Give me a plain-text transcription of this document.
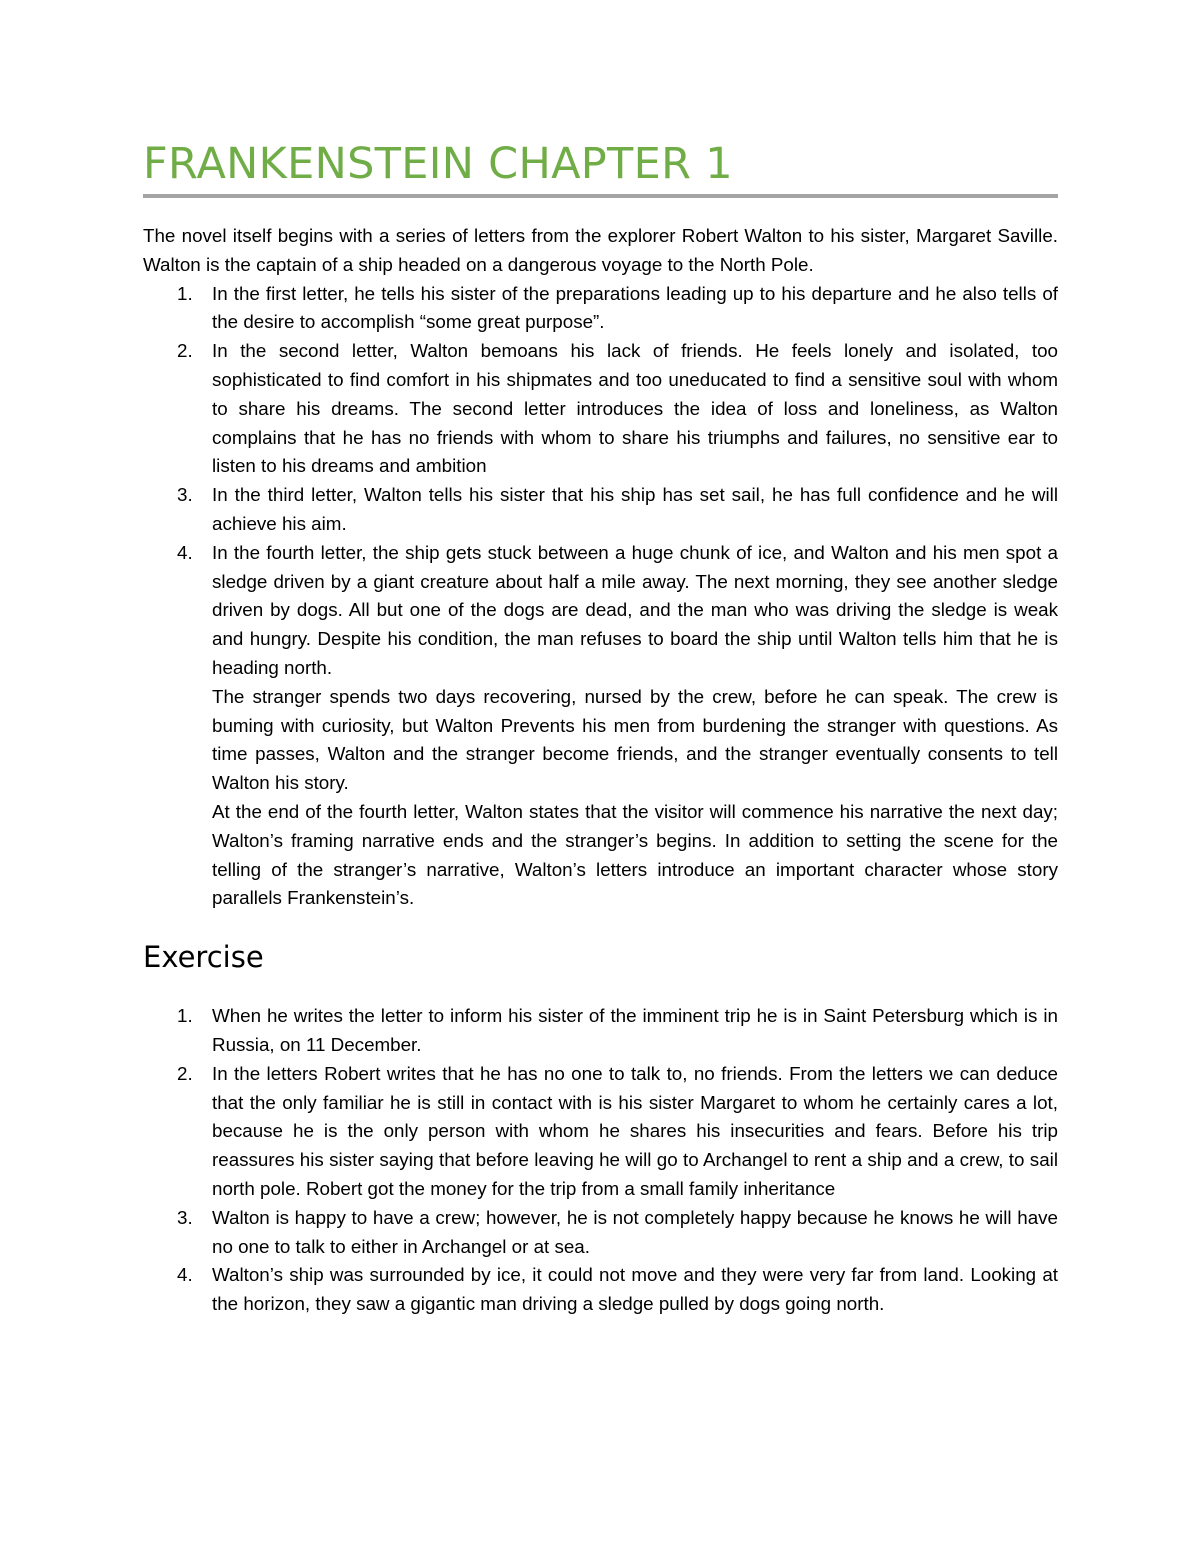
FRANKENSTEIN CHAPTER 1

The novel itself begins with a series of letters from the explorer Robert Walton to his sister, Margaret Saville. Walton is the captain of a ship headed on a dangerous voyage to the North Pole.

1. In the first letter, he tells his sister of the preparations leading up to his departure and he also tells of the desire to accomplish “some great purpose”.
2. In the second letter, Walton bemoans his lack of friends. He feels lonely and isolated, too sophisticated to find comfort in his shipmates and too uneducated to find a sensitive soul with whom to share his dreams. The second letter introduces the idea of loss and loneliness, as Walton complains that he has no friends with whom to share his triumphs and failures, no sensitive ear to listen to his dreams and ambition
3. In the third letter, Walton tells his sister that his ship has set sail, he has full confidence and he will achieve his aim.
4. In the fourth letter, the ship gets stuck between a huge chunk of ice, and Walton and his men spot a sledge driven by a giant creature about half a mile away. The next morning, they see another sledge driven by dogs. All but one of the dogs are dead, and the man who was driving the sledge is weak and hungry. Despite his condition, the man refuses to board the ship until Walton tells him that he is heading north.
The stranger spends two days recovering, nursed by the crew, before he can speak. The crew is buming with curiosity, but Walton Prevents his men from burdening the stranger with questions. As time passes, Walton and the stranger become friends, and the stranger eventually consents to tell Walton his story.
At the end of the fourth letter, Walton states that the visitor will commence his narrative the next day; Walton’s framing narrative ends and the stranger’s begins. In addition to setting the scene for the telling of the stranger’s narrative, Walton’s letters introduce an important character whose story parallels Frankenstein’s.
Exercise
1. When he writes the letter to inform his sister of the imminent trip he is in Saint Petersburg which is in Russia, on 11 December.
2. In the letters Robert writes that he has no one to talk to, no friends. From the letters we can deduce that the only familiar he is still in contact with is his sister Margaret to whom he certainly cares a lot, because he is the only person with whom he shares his insecurities and fears. Before his trip reassures his sister saying that before leaving he will go to Archangel to rent a ship and a crew, to sail north pole. Robert got the money for the trip from a small family inheritance
3. Walton is happy to have a crew; however, he is not completely happy because he knows he will have no one to talk to either in Archangel or at sea.
4. Walton’s ship was surrounded by ice, it could not move and they were very far from land. Looking at the horizon, they saw a gigantic man driving a sledge pulled by dogs going north.
